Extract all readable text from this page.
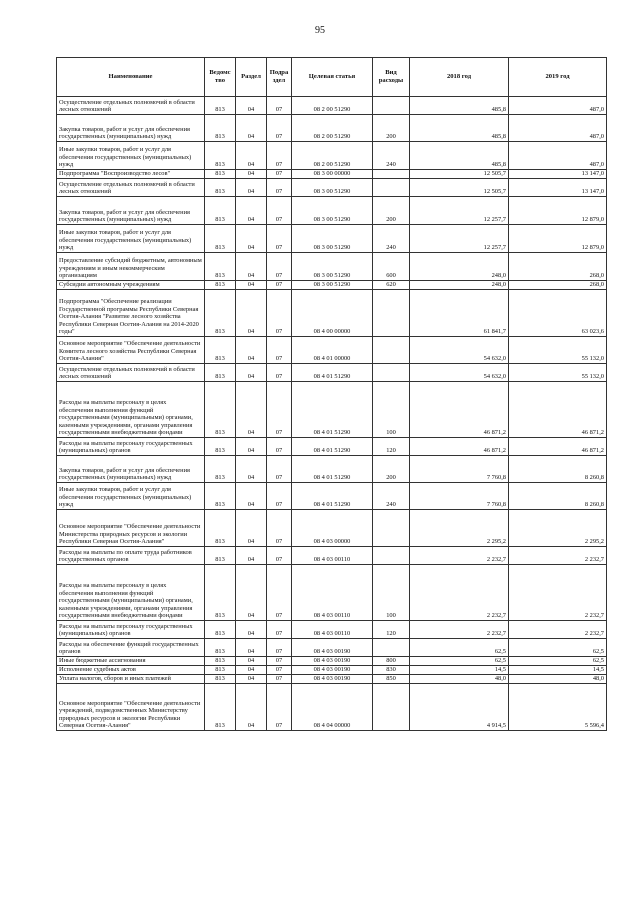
95
Наименование	Ведомс тво	Раздел	Подра здел	Целевая статья	Вид расходы	2018 год	2019 год
Осуществление отдельных полномочий в области лесных отношений	813	04	07	08 2 00 51290		485,8	487,0
Закупка товаров, работ и услуг для обеспечения государственных (муниципальных) нужд	813	04	07	08 2 00 51290	200	485,8	487,0
Иные закупки товаров, работ и услуг для обеспечения государственных (муниципальных) нужд	813	04	07	08 2 00 51290	240	485,8	487,0
Подпрограмма "Воспроизводство лесов"	813	04	07	08 3 00 00000		12 505,7	13 147,0
Осуществление отдельных полномочий в области лесных отношений	813	04	07	08 3 00 51290		12 505,7	13 147,0
Закупка товаров, работ и услуг для обеспечения государственных (муниципальных) нужд	813	04	07	08 3 00 51290	200	12 257,7	12 879,0
Иные закупки товаров, работ и услуг для обеспечения государственных (муниципальных) нужд	813	04	07	08 3 00 51290	240	12 257,7	12 879,0
Предоставление субсидий бюджетным, автономным учреждениям и иным некоммерческим организациям	813	04	07	08 3 00 51290	600	248,0	268,0
Субсидии автономным учреждениям	813	04	07	08 3 00 51290	620	248,0	268,0
Подпрограмма "Обеспечение реализации Государственной программы Республики Северная Осетия-Алания "Развитие лесного хозяйства Республики Северная Осетия-Алания на 2014-2020 годы"	813	04	07	08 4 00 00000		61 841,7	63 023,6
Основное мероприятие "Обеспечение деятельности Комитета лесного хозяйства Республики Северная Осетия-Алания"	813	04	07	08 4 01 00000		54 632,0	55 132,0
Осуществление отдельных полномочий в области лесных отношений	813	04	07	08 4 01 51290		54 632,0	55 132,0
Расходы на выплаты персоналу в целях обеспечения выполнения функций государственными (муниципальными) органами, казенными учреждениями, органами управления государственными внебюджетными фондами	813	04	07	08 4 01 51290	100	46 871,2	46 871,2
Расходы на выплаты персоналу государственных (муниципальных) органов	813	04	07	08 4 01 51290	120	46 871,2	46 871,2
Закупка товаров, работ и услуг для обеспечения государственных (муниципальных) нужд	813	04	07	08 4 01 51290	200	7 760,8	8 260,8
Иные закупки товаров, работ и услуг для обеспечения государственных (муниципальных) нужд	813	04	07	08 4 01 51290	240	7 760,8	8 260,8
Основное мероприятие "Обеспечение деятельности Министерства природных ресурсов и экологии Республики Северная Осетия-Алания"	813	04	07	08 4 03 00000		2 295,2	2 295,2
Расходы на выплаты по оплате труда работников государственных органов	813	04	07	08 4 03 00110		2 232,7	2 232,7
Расходы на выплаты персоналу в целях обеспечения выполнения функций государственными (муниципальными) органами, казенными учреждениями, органами управления государственными внебюджетными фондами	813	04	07	08 4 03 00110	100	2 232,7	2 232,7
Расходы на выплаты персоналу государственных (муниципальных) органов	813	04	07	08 4 03 00110	120	2 232,7	2 232,7
Расходы на обеспечение функций государственных органов	813	04	07	08 4 03 00190		62,5	62,5
Иные бюджетные ассигнования	813	04	07	08 4 03 00190	800	62,5	62,5
Исполнение судебных актов	813	04	07	08 4 03 00190	830	14,5	14,5
Уплата налогов, сборов и иных платежей	813	04	07	08 4 03 00190	850	48,0	48,0
Основное мероприятие "Обеспечение деятельности учреждений, подведомственных Министерству природных ресурсов и экологии Республики Северная Осетия-Алания"	813	04	07	08 4 04 00000		4 914,5	5 596,4
